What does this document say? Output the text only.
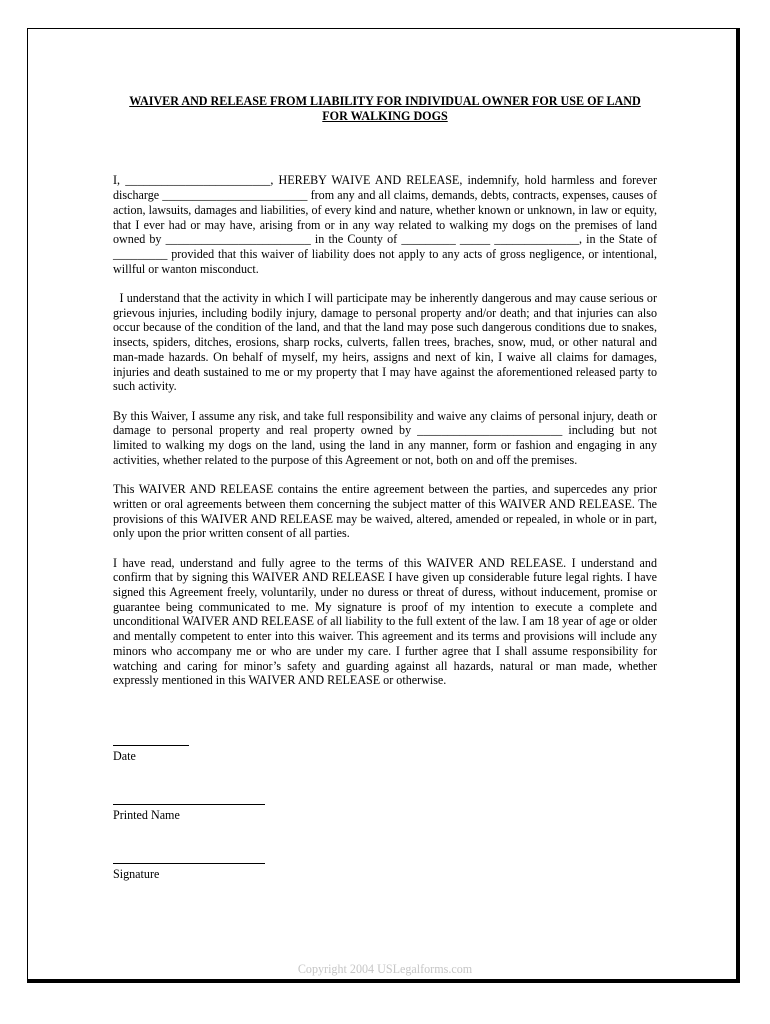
WAIVER AND RELEASE FROM LIABILITY FOR INDIVIDUAL OWNER FOR USE OF LAND
FOR WALKING DOGS

I, ________________________, HEREBY WAIVE AND RELEASE, indemnify, hold harmless and forever discharge ________________________ from any and all claims, demands, debts, contracts, expenses, causes of action, lawsuits, damages and liabilities, of every kind and nature, whether known or unknown, in law or equity, that I ever had or may have, arising from or in any way related to walking my dogs on the premises of land owned by ________________________ in the County of _________ _____ ______________, in the State of _________ provided that this waiver of liability does not apply to any acts of gross negligence, or intentional, willful or wanton misconduct.

I understand that the activity in which I will participate may be inherently dangerous and may cause serious or grievous injuries, including bodily injury, damage to personal property and/or death; and that injuries can also occur because of the condition of the land, and that the land may pose such dangerous conditions due to snakes, insects, spiders, ditches, erosions, sharp rocks, culverts, fallen trees, braches, snow, mud, or other natural and man-made hazards. On behalf of myself, my heirs, assigns and next of kin, I waive all claims for damages, injuries and death sustained to me or my property that I may have against the aforementioned released party to such activity.

By this Waiver, I assume any risk, and take full responsibility and waive any claims of personal injury, death or damage to personal property and real property owned by ________________________ including but not limited to walking my dogs on the land, using the land in any manner, form or fashion and engaging in any activities, whether related to the purpose of this Agreement or not, both on and off the premises.

This WAIVER AND RELEASE contains the entire agreement between the parties, and supercedes any prior written or oral agreements between them concerning the subject matter of this WAIVER AND RELEASE. The provisions of this WAIVER AND RELEASE may be waived, altered, amended or repealed, in whole or in part, only upon the prior written consent of all parties.

I have read, understand and fully agree to the terms of this WAIVER AND RELEASE. I understand and confirm that by signing this WAIVER AND RELEASE I have given up considerable future legal rights. I have signed this Agreement freely, voluntarily, under no duress or threat of duress, without inducement, promise or guarantee being communicated to me. My signature is proof of my intention to execute a complete and unconditional WAIVER AND RELEASE of all liability to the full extent of the law. I am 18 year of age or older and mentally competent to enter into this waiver. This agreement and its terms and provisions will include any minors who accompany me or who are under my care. I further agree that I shall assume responsibility for watching and caring for minor’s safety and guarding against all hazards, natural or man made, whether expressly mentioned in this WAIVER AND RELEASE or otherwise.

Date
Printed Name
Signature
Copyright 2004 USLegalforms.com
